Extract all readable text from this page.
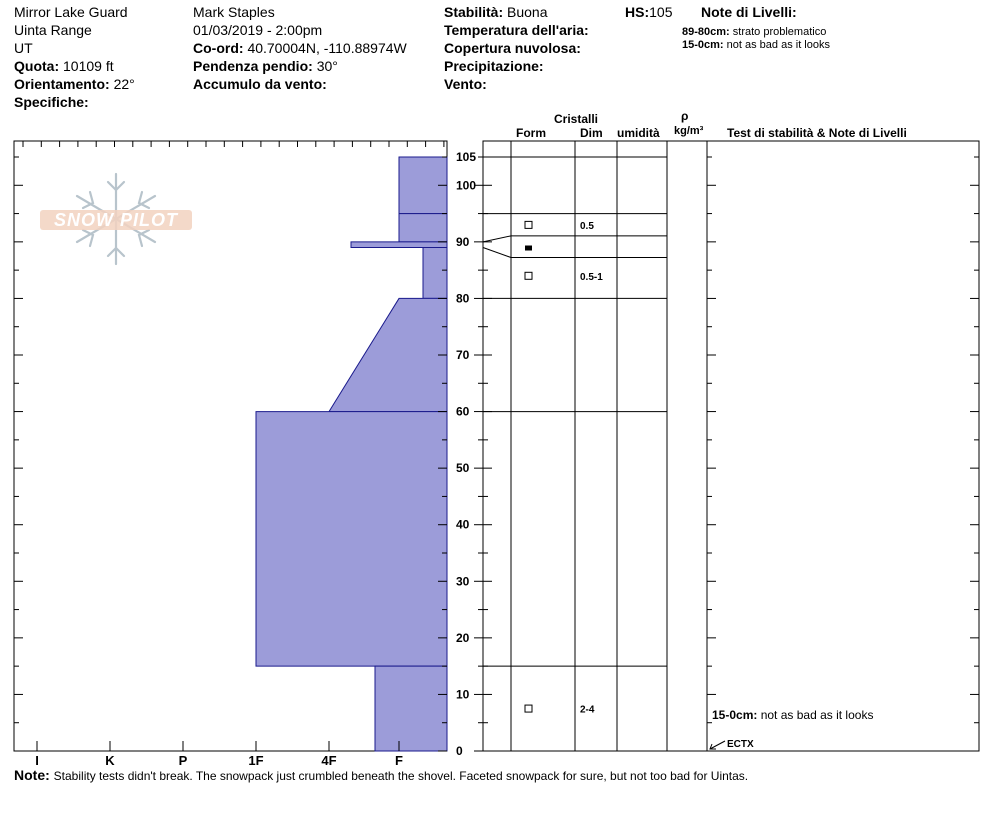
Mirror Lake Guard
Uinta Range
UT
Quota: 10109 ft
Orientamento: 22°
Specifiche:
Mark Staples
01/03/2019 - 2:00pm
Co-ord: 40.70004N, -110.88974W
Pendenza pendio: 30°
Accumulo da vento:
Stabilità: Buona
Temperatura dell'aria:
Copertura nuvolosa:
Precipitazione:
Vento:
HS:105 Note di Livelli:
89-80cm: strato problematico
15-0cm: not as bad as it looks
Cristalli
Form	Dim umidità
ρ
kg/m³ Test di stabilità & Note di Livelli
SNOW PILOT
I	K	P	1F	4F	F
0
10
20
30
40
50
60
70
80
90
100
105
0.5
0.5-1
2-4	15-0cm: not as bad as it looks
ECTX
Note: Stability tests didn't break. The snowpack just crumbled beneath the shovel. Faceted snowpack for sure, but not too bad for Uintas.
